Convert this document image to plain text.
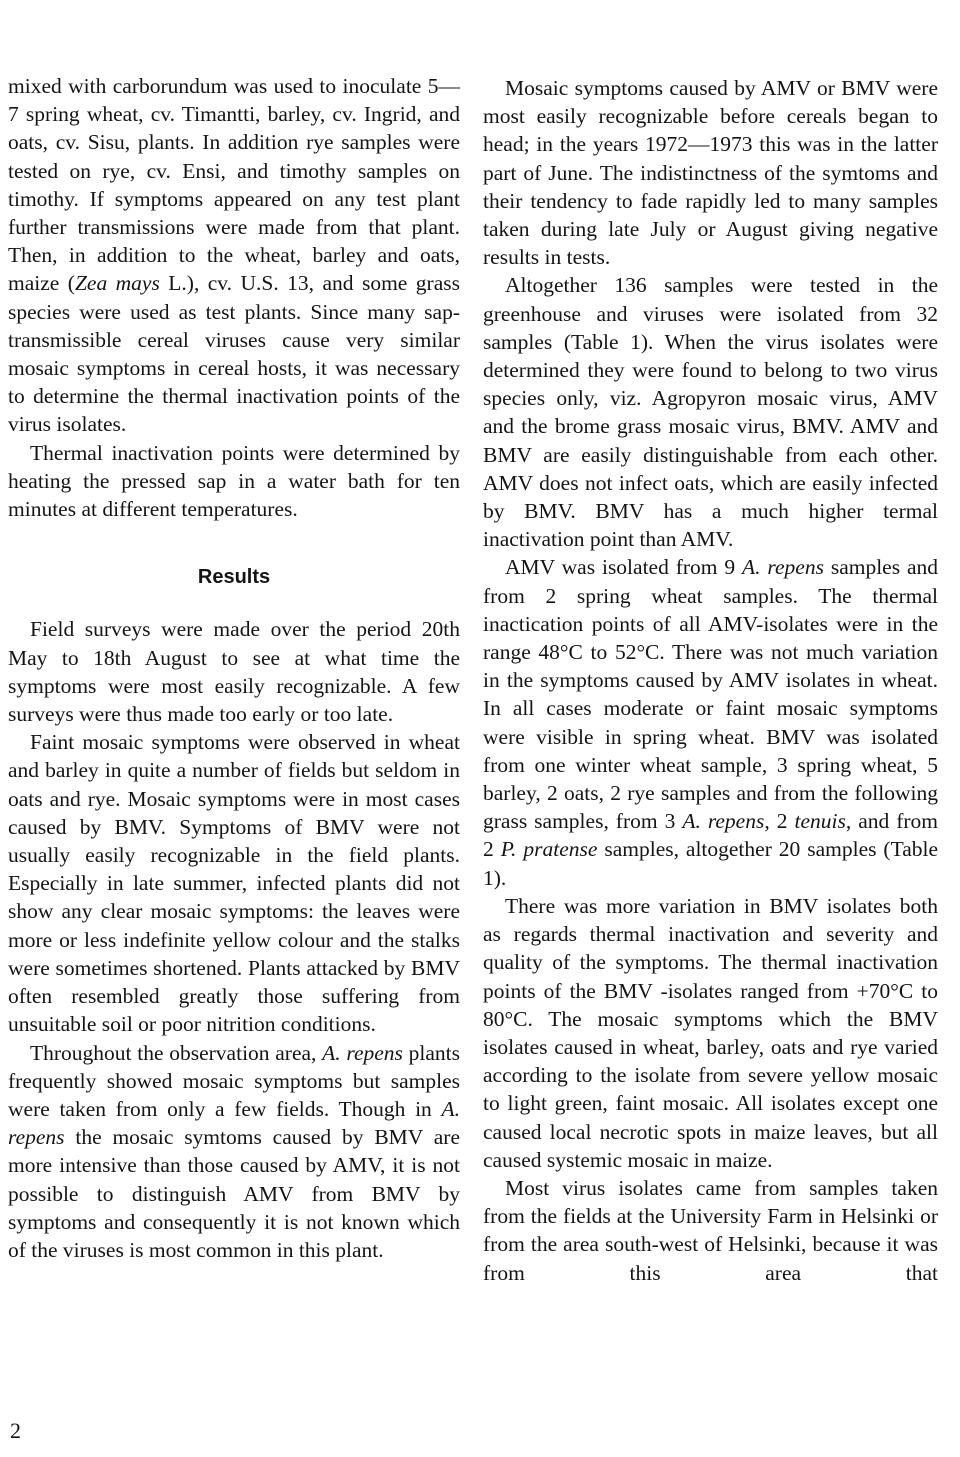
mixed with carborundum was used to inoculate 5—7 spring wheat, cv. Timantti, barley, cv. Ingrid, and oats, cv. Sisu, plants. In addition rye samples were tested on rye, cv. Ensi, and timothy samples on timothy. If symptoms appeared on any test plant further transmissions were made from that plant. Then, in addition to the wheat, barley and oats, maize (Zea mays L.), cv. U.S. 13, and some grass species were used as test plants. Since many sap-transmissible cereal viruses cause very similar mosaic symptoms in cereal hosts, it was necessary to determine the thermal inactivation points of the virus isolates.

Thermal inactivation points were determined by heating the pressed sap in a water bath for ten minutes at different temperatures.

Results

Field surveys were made over the period 20th May to 18th August to see at what time the symptoms were most easily recognizable. A few surveys were thus made too early or too late.

Faint mosaic symptoms were observed in wheat and barley in quite a number of fields but seldom in oats and rye. Mosaic symptoms were in most cases caused by BMV. Symptoms of BMV were not usually easily recognizable in the field plants. Especially in late summer, infected plants did not show any clear mosaic symptoms: the leaves were more or less indefinite yellow colour and the stalks were sometimes shortened. Plants attacked by BMV often resembled greatly those suffering from unsuitable soil or poor nitrition conditions.

Throughout the observation area, A. repens plants frequently showed mosaic symptoms but samples were taken from only a few fields. Though in A. repens the mosaic symtoms caused by BMV are more intensive than those caused by AMV, it is not possible to distinguish AMV from BMV by symptoms and consequently it is not known which of the viruses is most common in this plant.

Mosaic symptoms caused by AMV or BMV were most easily recognizable before cereals began to head; in the years 1972—1973 this was in the latter part of June. The indistinctness of the symtoms and their tendency to fade rapidly led to many samples taken during late July or August giving negative results in tests.

Altogether 136 samples were tested in the greenhouse and viruses were isolated from 32 samples (Table 1). When the virus isolates were determined they were found to belong to two virus species only, viz. Agropyron mosaic virus, AMV and the brome grass mosaic virus, BMV. AMV and BMV are easily distinguishable from each other. AMV does not infect oats, which are easily infected by BMV. BMV has a much higher termal inactivation point than AMV.

AMV was isolated from 9 A. repens samples and from 2 spring wheat samples. The thermal inactication points of all AMV-isolates were in the range 48°C to 52°C. There was not much variation in the symptoms caused by AMV isolates in wheat. In all cases moderate or faint mosaic symptoms were visible in spring wheat. BMV was isolated from one winter wheat sample, 3 spring wheat, 5 barley, 2 oats, 2 rye samples and from the following grass samples, from 3 A. repens, 2 tenuis, and from 2 P. pratense samples, altogether 20 samples (Table 1).

There was more variation in BMV isolates both as regards thermal inactivation and severity and quality of the symptoms. The thermal inactivation points of the BMV -isolates ranged from +70°C to 80°C. The mosaic symptoms which the BMV isolates caused in wheat, barley, oats and rye varied according to the isolate from severe yellow mosaic to light green, faint mosaic. All isolates except one caused local necrotic spots in maize leaves, but all caused systemic mosaic in maize.

Most virus isolates came from samples taken from the fields at the University Farm in Helsinki or from the area south-west of Helsinki, because it was from this area that

2
